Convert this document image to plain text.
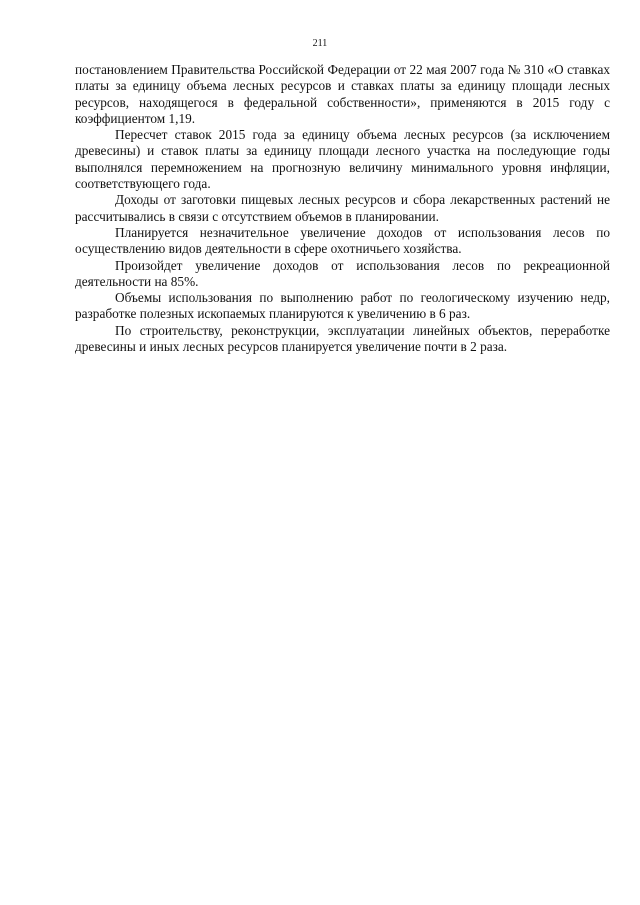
211

постановлением Правительства Российской Федерации от 22 мая 2007 года № 310 «О ставках платы за единицу объема лесных ресурсов и ставках платы за единицу площади лесных ресурсов, находящегося в федеральной собственности», применяются в 2015 году с коэффициентом 1,19.

Пересчет ставок 2015 года за единицу объема лесных ресурсов (за исключением древесины) и ставок платы за единицу площади лесного участка на последующие годы выполнялся перемножением на прогнозную величину минимального уровня инфляции, соответствующего года.

Доходы от заготовки пищевых лесных ресурсов и сбора лекарственных растений не рассчитывались в связи с отсутствием объемов в планировании.

Планируется незначительное увеличение доходов от использования лесов по осуществлению видов деятельности в сфере охотничьего хозяйства.

Произойдет увеличение доходов от использования лесов по рекреационной деятельности на 85%.

Объемы использования по выполнению работ по геологическому изучению недр, разработке полезных ископаемых планируются к увеличению в 6 раз.

По строительству, реконструкции, эксплуатации линейных объектов, переработке древесины и иных лесных ресурсов планируется увеличение почти в 2 раза.
